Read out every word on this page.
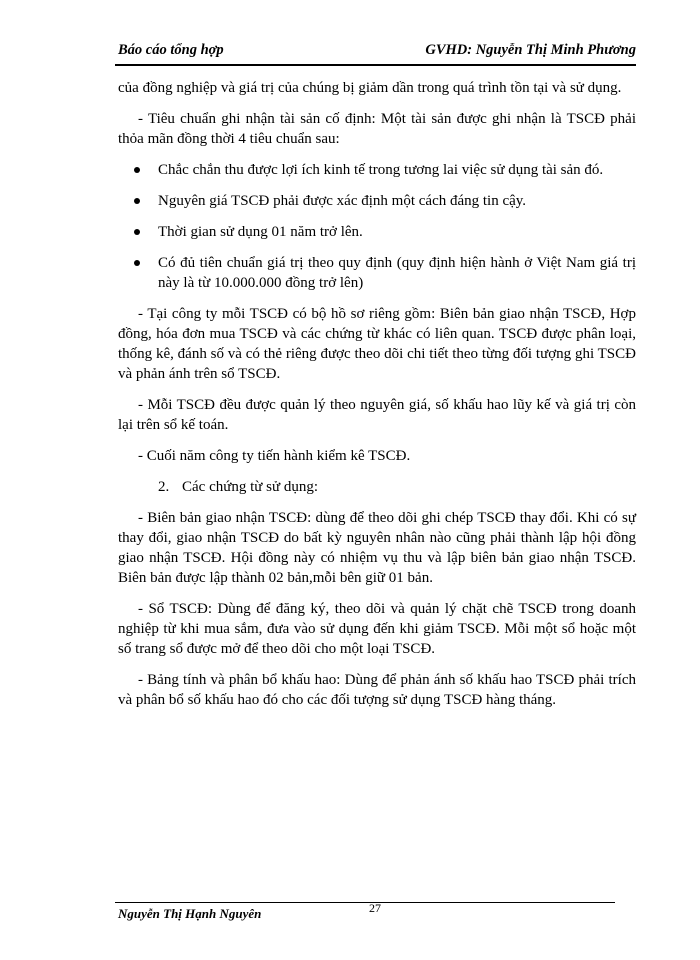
Báo cáo tổng hợp	GVHD: Nguyễn Thị Minh Phương

của đồng nghiệp và giá trị của chúng bị giảm dần trong quá trình tồn tại và sử dụng.

- Tiêu chuẩn ghi nhận tài sản cố định: Một tài sản được ghi nhận là TSCĐ phải thỏa mãn đồng thời 4 tiêu chuẩn sau:

Chắc chắn thu được lợi ích kinh tế trong tương lai việc sử dụng tài sản đó.
Nguyên giá TSCĐ phải được xác định một cách đáng tin cậy.
Thời gian sử dụng 01 năm trở lên.
Có đủ tiên chuẩn giá trị theo quy định (quy định hiện hành ở Việt Nam giá trị này là từ 10.000.000 đồng trở lên)

- Tại công ty mỗi TSCĐ có bộ hồ sơ riêng gồm: Biên bản giao nhận TSCĐ, Hợp đồng, hóa đơn mua TSCĐ và các chứng từ khác có liên quan. TSCĐ được phân loại, thống kê, đánh số và có thẻ riêng được theo dõi chi tiết theo từng đối tượng ghi TSCĐ và phản ánh trên sổ TSCĐ.

- Mỗi TSCĐ đều được quản lý theo nguyên giá, số khấu hao lũy kế và giá trị còn lại trên sổ kế toán.

- Cuối năm công ty tiến hành kiểm kê TSCĐ.

2. Các chứng từ sử dụng:

- Biên bản giao nhận TSCĐ: dùng để theo dõi ghi chép TSCĐ thay đổi. Khi có sự thay đổi, giao nhận TSCĐ do bất kỳ nguyên nhân nào cũng phải thành lập hội đồng giao nhận TSCĐ. Hội đồng này có nhiệm vụ thu và lập biên bản giao nhận TSCĐ. Biên bản được lập thành 02 bản,mỗi bên giữ 01 bản.

- Sổ TSCĐ: Dùng để đăng ký, theo dõi và quản lý chặt chẽ TSCĐ trong doanh nghiệp từ khi mua sắm, đưa vào sử dụng đến khi giảm TSCĐ. Mỗi một sổ hoặc một số trang sổ được mở để theo dõi cho một loại TSCĐ.

- Bảng tính và phân bổ khấu hao: Dùng để phản ánh số khấu hao TSCĐ phải trích và phân bổ số khấu hao đó cho các đối tượng sử dụng TSCĐ hàng tháng.

Nguyễn Thị Hạnh Nguyên	27
